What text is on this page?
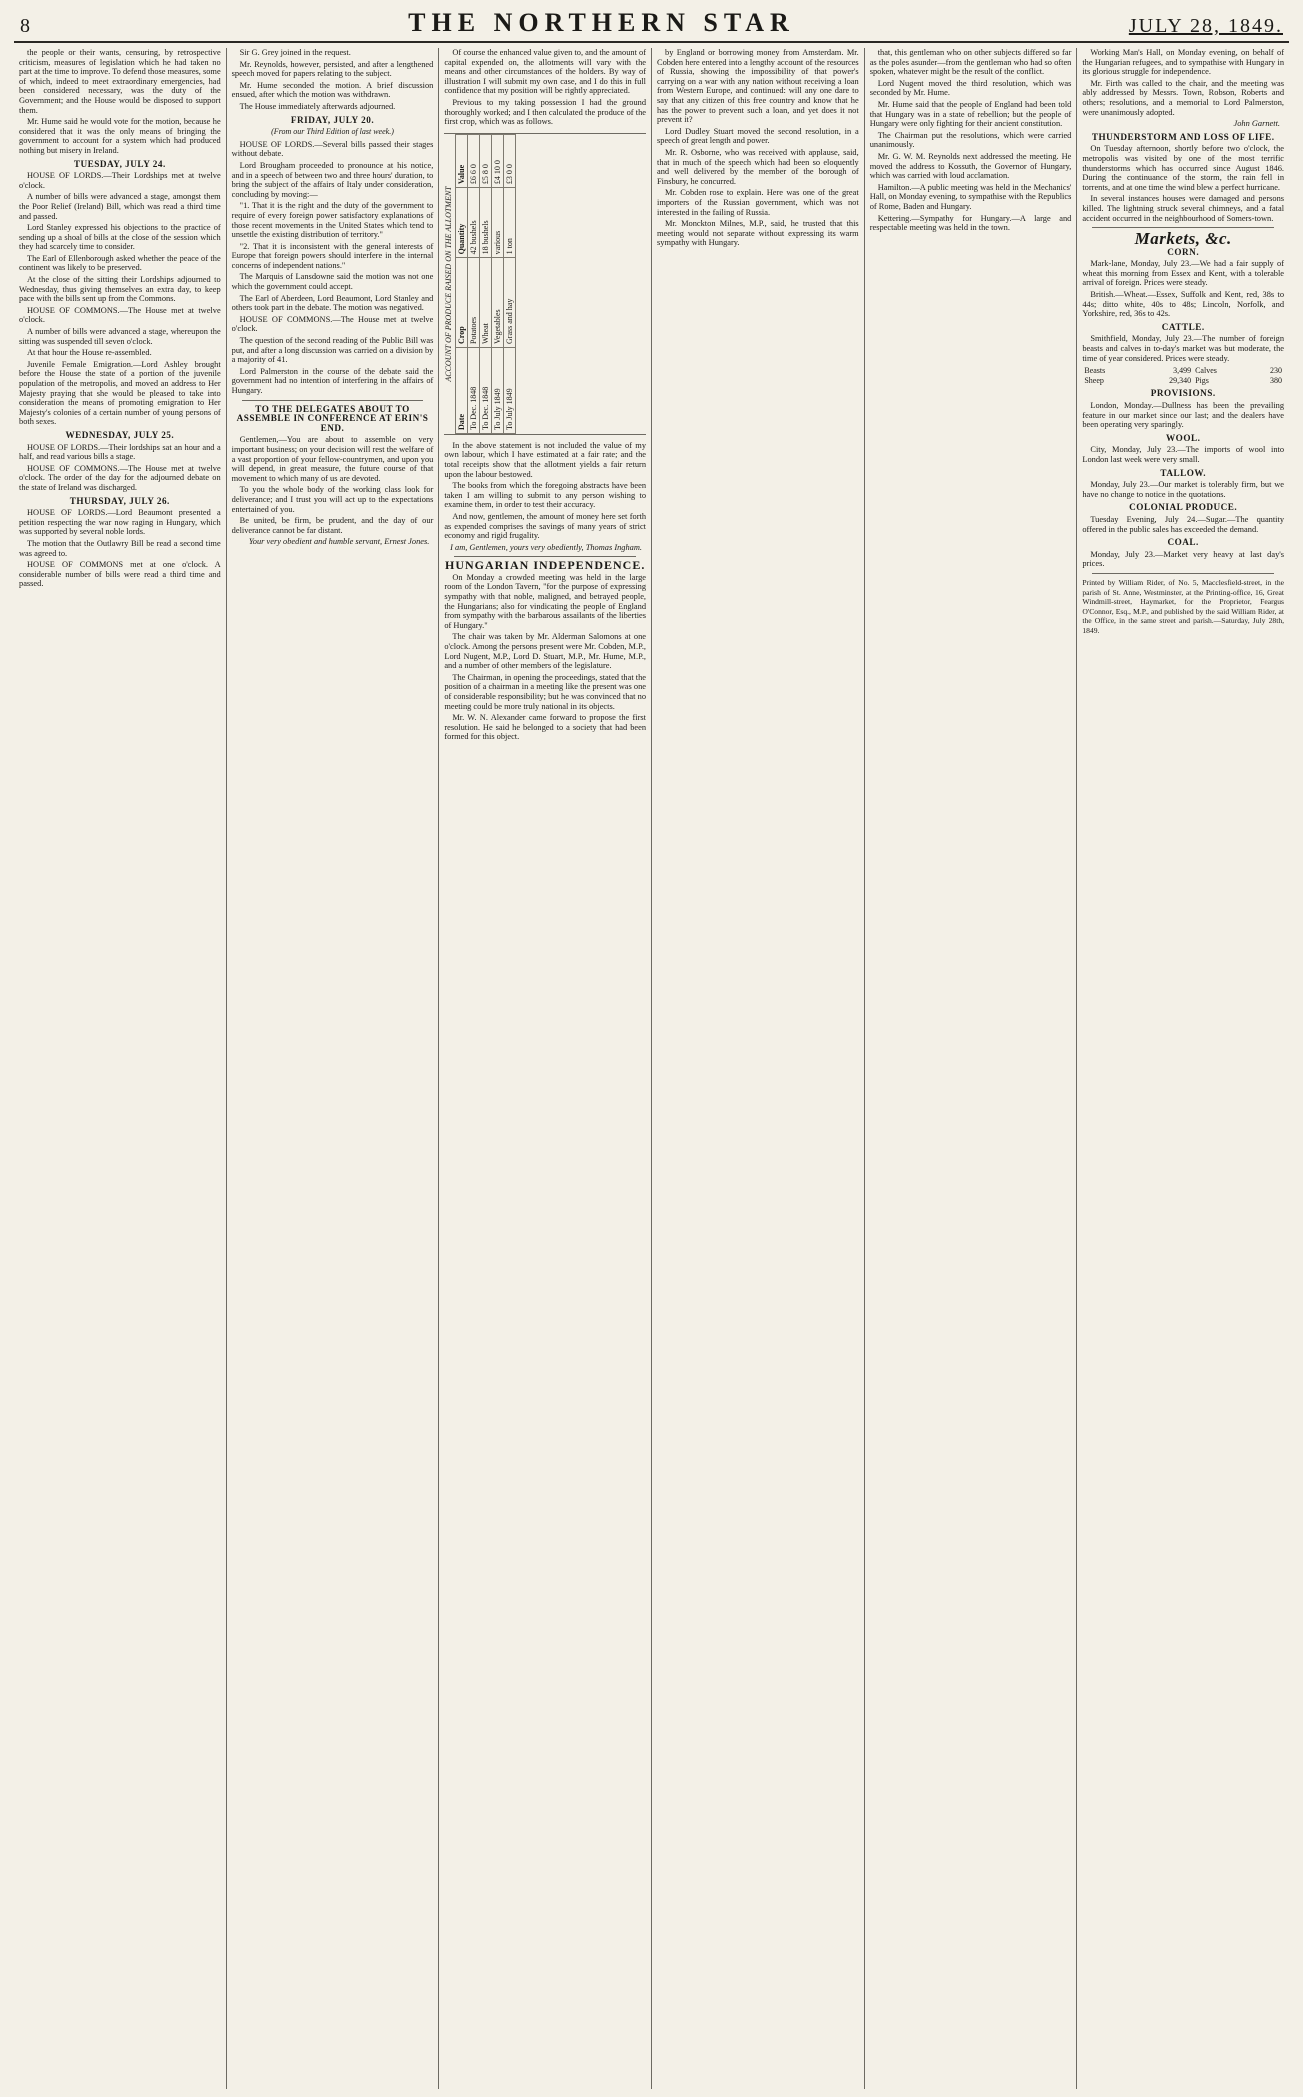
8	THE NORTHERN STAR	JULY 28, 1849.

the people or their wants, censuring, by retrospective criticism, measures of legislation which he had taken no part at the time to improve. To defend those measures, some of which, indeed to meet extraordinary emergencies, had been considered necessary, was the duty of the Government; and the House would be disposed to support them.

Mr. Hume said he would vote for the motion, because he considered that it was the only means of bringing the government to account for a system which had produced nothing but misery in Ireland.

TUESDAY, JULY 24.

HOUSE OF LORDS.—Their Lordships met at twelve o'clock.

A number of bills were advanced a stage, amongst them the Poor Relief (Ireland) Bill, which was read a third time and passed.

Lord Stanley expressed his objections to the practice of sending up a shoal of bills at the close of the session which they had scarcely time to consider.

The Earl of Ellenborough asked whether the peace of the continent was likely to be preserved.

At the close of the sitting their Lordships adjourned to Wednesday, thus giving themselves an extra day, to keep pace with the bills sent up from the Commons.

HOUSE OF COMMONS.—The House met at twelve o'clock.

A number of bills were advanced a stage, whereupon the sitting was suspended till seven o'clock.

At that hour the House re-assembled.

Juvenile Female Emigration.—Lord Ashley brought before the House the state of a portion of the juvenile population of the metropolis, and moved an address to Her Majesty praying that she would be pleased to take into consideration the means of promoting emigration to Her Majesty's colonies of a certain number of young persons of both sexes.

WEDNESDAY, JULY 25.

HOUSE OF LORDS.—Their lordships sat an hour and a half, and read various bills a stage.

HOUSE OF COMMONS.—The House met at twelve o'clock. The order of the day for the adjourned debate on the state of Ireland was discharged.

THURSDAY, JULY 26.

HOUSE OF LORDS.—Lord Beaumont presented a petition respecting the war now raging in Hungary, which was supported by several noble lords.

The motion that the Outlawry Bill be read a second time was agreed to.

HOUSE OF COMMONS met at one o'clock. A considerable number of bills were read a third time and passed.

Sir G. Grey joined in the request.

Mr. Reynolds, however, persisted, and after a lengthened speech moved for papers relating to the subject.

Mr. Hume seconded the motion. A brief discussion ensued, after which the motion was withdrawn.

The House immediately afterwards adjourned.

FRIDAY, JULY 20.
(From our Third Edition of last week.)

HOUSE OF LORDS.—Several bills passed their stages without debate.

Lord Brougham proceeded to pronounce at his notice, and in a speech of between two and three hours' duration, to bring the subject of the affairs of Italy under consideration, concluding by moving:—

"1. That it is the right and the duty of the government to require of every foreign power satisfactory explanations of those recent movements in the United States which tend to unsettle the existing distribution of territory."

"2. That it is inconsistent with the general interests of Europe that foreign powers should interfere in the internal concerns of independent nations."

The Marquis of Lansdowne said the motion was not one which the government could accept.

The Earl of Aberdeen, Lord Beaumont, Lord Stanley and others took part in the debate. The motion was negatived.

HOUSE OF COMMONS.—The House met at twelve o'clock.

The question of the second reading of the Public Bill was put, and after a long discussion was carried on a division by a majority of 41.

Lord Palmerston in the course of the debate said the government had no intention of interfering in the affairs of Hungary.

TO THE DELEGATES ABOUT TO ASSEMBLE IN CONFERENCE AT ERIN'S END.

Gentlemen,—You are about to assemble on very important business; on your decision will rest the welfare of a vast proportion of your fellow-countrymen, and upon you will depend, in great measure, the future course of that movement to which many of us are devoted.

To you the whole body of the working class look for deliverance; and I trust you will act up to the expectations entertained of you.

Be united, be firm, be prudent, and the day of our deliverance cannot be far distant.

Your very obedient and humble servant, Ernest Jones.

Of course the enhanced value given to, and the amount of capital expended on, the allotments will vary with the means and other circumstances of the holders. By way of illustration I will submit my own case, and I do this in full confidence that my position will be rightly appreciated.

Previous to my taking possession I had the ground thoroughly worked; and I then calculated the produce of the first crop, which was as follows.

ACCOUNT OF PRODUCE RAISED ON THE ALLOTMENT
Date	Crop	Quantity	Value
To Dec. 1848	Potatoes	42 bushels	£6 6 0
To Dec. 1848	Wheat	18 bushels	£5 8 0
To July 1849	Vegetables	various	£4 10 0
To July 1849	Grass and hay	1 ton	£3 0 0

In the above statement is not included the value of my own labour, which I have estimated at a fair rate; and the total receipts show that the allotment yields a fair return upon the labour bestowed.

The books from which the foregoing abstracts have been taken I am willing to submit to any person wishing to examine them, in order to test their accuracy.

And now, gentlemen, the amount of money here set forth as expended comprises the savings of many years of strict economy and rigid frugality.

I am, Gentlemen, yours very obediently, Thomas Ingham.
HUNGARIAN INDEPENDENCE.

On Monday a crowded meeting was held in the large room of the London Tavern, "for the purpose of expressing sympathy with that noble, maligned, and betrayed people, the Hungarians; also for vindicating the people of England from sympathy with the barbarous assailants of the liberties of Hungary."

The chair was taken by Mr. Alderman Salomons at one o'clock. Among the persons present were Mr. Cobden, M.P., Lord Nugent, M.P., Lord D. Stuart, M.P., Mr. Hume, M.P., and a number of other members of the legislature.

The Chairman, in opening the proceedings, stated that the position of a chairman in a meeting like the present was one of considerable responsibility; but he was convinced that no meeting could be more truly national in its objects.

Mr. W. N. Alexander came forward to propose the first resolution. He said he belonged to a society that had been formed for this object.

by England or borrowing money from Amsterdam. Mr. Cobden here entered into a lengthy account of the resources of Russia, showing the impossibility of that power's carrying on a war with any nation without receiving a loan from Western Europe, and continued: will any one dare to say that any citizen of this free country and know that he has the power to prevent such a loan, and yet does it not prevent it?

Lord Dudley Stuart moved the second resolution, in a speech of great length and power.

Mr. R. Osborne, who was received with applause, said, that in much of the speech which had been so eloquently and well delivered by the member of the borough of Finsbury, he concurred.

Mr. Cobden rose to explain. Here was one of the great importers of the Russian government, which was not interested in the failing of Russia.

Mr. Monckton Milnes, M.P., said, he trusted that this meeting would not separate without expressing its warm sympathy with Hungary.

that, this gentleman who on other subjects differed so far as the poles asunder—from the gentleman who had so often spoken, whatever might be the result of the conflict.

Lord Nugent moved the third resolution, which was seconded by Mr. Hume.

Mr. Hume said that the people of England had been told that Hungary was in a state of rebellion; but the people of Hungary were only fighting for their ancient constitution.

The Chairman put the resolutions, which were carried unanimously.

Mr. G. W. M. Reynolds next addressed the meeting. He moved the address to Kossuth, the Governor of Hungary, which was carried with loud acclamation.

Hamilton.—A public meeting was held in the Mechanics' Hall, on Monday evening, to sympathise with the Republics of Rome, Baden and Hungary.

Kettering.—Sympathy for Hungary.—A large and respectable meeting was held in the town.

Working Man's Hall, on Monday evening, on behalf of the Hungarian refugees, and to sympathise with Hungary in its glorious struggle for independence.

Mr. Firth was called to the chair, and the meeting was ably addressed by Messrs. Town, Robson, Roberts and others; resolutions, and a memorial to Lord Palmerston, were unanimously adopted.

John Garnett.
THUNDERSTORM AND LOSS OF LIFE.

On Tuesday afternoon, shortly before two o'clock, the metropolis was visited by one of the most terrific thunderstorms which has occurred since August 1846. During the continuance of the storm, the rain fell in torrents, and at one time the wind blew a perfect hurricane.

In several instances houses were damaged and persons killed. The lightning struck several chimneys, and a fatal accident occurred in the neighbourhood of Somers-town.

Markets, &c.
CORN.

Mark-lane, Monday, July 23.—We had a fair supply of wheat this morning from Essex and Kent, with a tolerable arrival of foreign. Prices were steady.

British.—Wheat.—Essex, Suffolk and Kent, red, 38s to 44s; ditto white, 40s to 48s; Lincoln, Norfolk, and Yorkshire, red, 36s to 42s.

CATTLE.

Smithfield, Monday, July 23.—The number of foreign beasts and calves in to-day's market was but moderate, the time of year considered. Prices were steady.

Beasts	3,499	Calves	230
Sheep	29,340	Pigs	380
PROVISIONS.

London, Monday.—Dullness has been the prevailing feature in our market since our last; and the dealers have been operating very sparingly.

WOOL.

City, Monday, July 23.—The imports of wool into London last week were very small.

TALLOW.

Monday, July 23.—Our market is tolerably firm, but we have no change to notice in the quotations.

COLONIAL PRODUCE.

Tuesday Evening, July 24.—Sugar.—The quantity offered in the public sales has exceeded the demand.

COAL.

Monday, July 23.—Market very heavy at last day's prices.

Printed by William Rider, of No. 5, Macclesfield-street, in the parish of St. Anne, Westminster, at the Printing-office, 16, Great Windmill-street, Haymarket, for the Proprietor, Feargus O'Connor, Esq., M.P., and published by the said William Rider, at the Office, in the same street and parish.—Saturday, July 28th, 1849.
